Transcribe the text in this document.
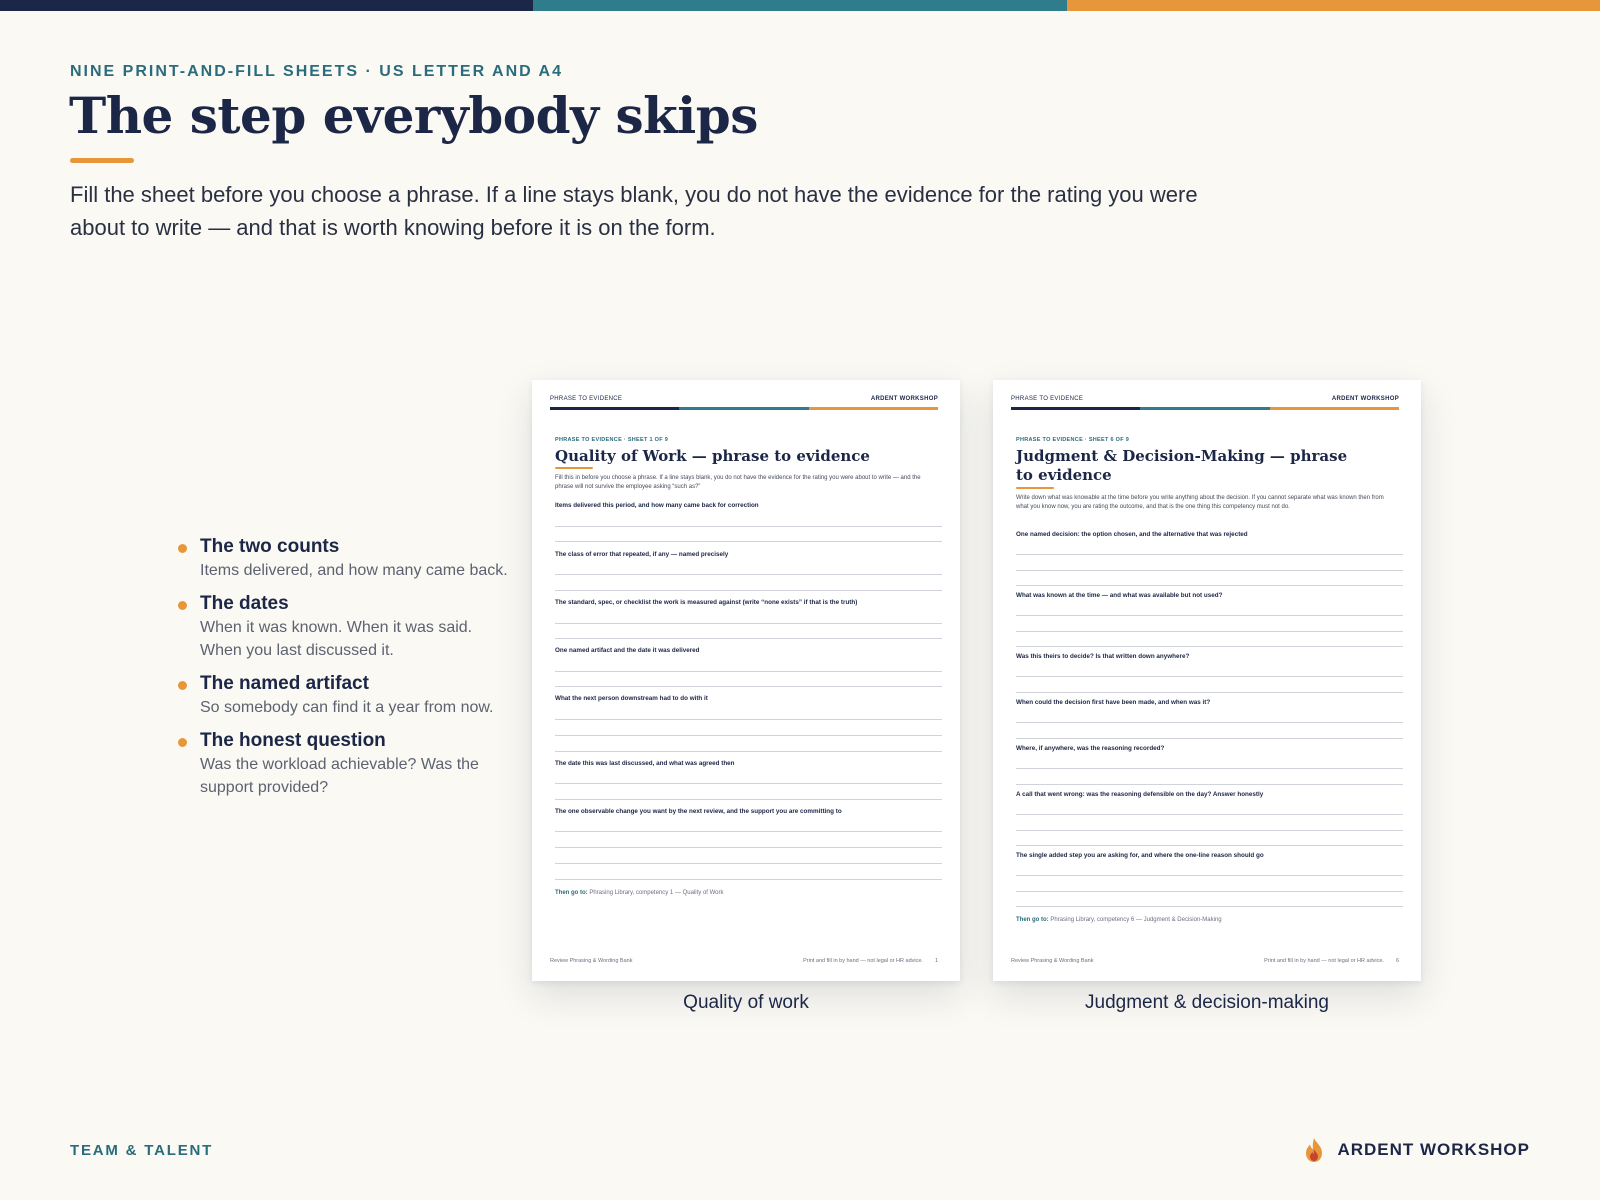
NINE PRINT-AND-FILL SHEETS · US LETTER AND A4
The step everybody skips

Fill the sheet before you choose a phrase. If a line stays blank, you do not have the evidence for the rating you were about to write — and that is worth knowing before it is on the form.

The two counts
Items delivered, and how many came back.
The dates
When it was known. When it was said. When you last discussed it.
The named artifact
So somebody can find it a year from now.
The honest question
Was the workload achievable? Was the support provided?
PHRASE TO EVIDENCE	ARDENT WORKSHOP
PHRASE TO EVIDENCE · SHEET 1 OF 9
Quality of Work — phrase to evidence
Fill this in before you choose a phrase. If a line stays blank, you do not have the evidence for the rating you were about to write — and the phrase will not survive the employee asking “such as?”
Items delivered this period, and how many came back for correction
The class of error that repeated, if any — named precisely
The standard, spec, or checklist the work is measured against (write “none exists” if that is the truth)
One named artifact and the date it was delivered
What the next person downstream had to do with it
The date this was last discussed, and what was agreed then
The one observable change you want by the next review, and the support you are committing to
Then go to: Phrasing Library, competency 1 — Quality of Work
Review Phrasing & Wording Bank	Print and fill in by hand — not legal or HR advice. 1
Quality of work
PHRASE TO EVIDENCE	ARDENT WORKSHOP
PHRASE TO EVIDENCE · SHEET 6 OF 9
Judgment & Decision-Making — phrase to evidence
Write down what was knowable at the time before you write anything about the decision. If you cannot separate what was known then from what you know now, you are rating the outcome, and that is the one thing this competency must not do.
One named decision: the option chosen, and the alternative that was rejected
What was known at the time — and what was available but not used?
Was this theirs to decide? Is that written down anywhere?
When could the decision first have been made, and when was it?
Where, if anywhere, was the reasoning recorded?
A call that went wrong: was the reasoning defensible on the day? Answer honestly
The single added step you are asking for, and where the one-line reason should go
Then go to: Phrasing Library, competency 6 — Judgment & Decision-Making
Review Phrasing & Wording Bank	Print and fill in by hand — not legal or HR advice. 6
Judgment & decision-making
TEAM & TALENT	ARDENT WORKSHOP
